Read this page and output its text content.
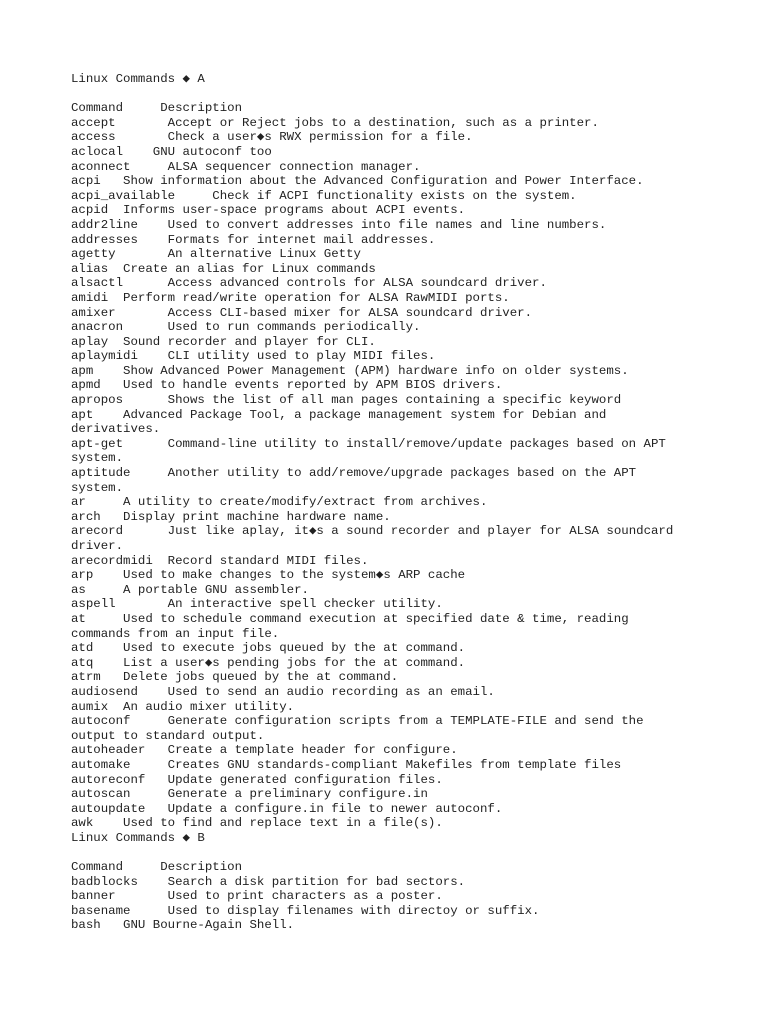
Linux Commands ◆ A
Command     Description
accept       Accept or Reject jobs to a destination, such as a printer.
access       Check a user◆s RWX permission for a file.
aclocal    GNU autoconf too
aconnect     ALSA sequencer connection manager.
acpi   Show information about the Advanced Configuration and Power Interface.
acpi_available     Check if ACPI functionality exists on the system.
acpid  Informs user-space programs about ACPI events.
addr2line    Used to convert addresses into file names and line numbers.
addresses    Formats for internet mail addresses.
agetty       An alternative Linux Getty
alias  Create an alias for Linux commands
alsactl      Access advanced controls for ALSA soundcard driver.
amidi  Perform read/write operation for ALSA RawMIDI ports.
amixer       Access CLI-based mixer for ALSA soundcard driver.
anacron      Used to run commands periodically.
aplay  Sound recorder and player for CLI.
aplaymidi    CLI utility used to play MIDI files.
apm    Show Advanced Power Management (APM) hardware info on older systems.
apmd   Used to handle events reported by APM BIOS drivers.
apropos      Shows the list of all man pages containing a specific keyword
apt    Advanced Package Tool, a package management system for Debian and
derivatives.
apt-get      Command-line utility to install/remove/update packages based on APT
system.
aptitude     Another utility to add/remove/upgrade packages based on the APT
system.
ar     A utility to create/modify/extract from archives.
arch   Display print machine hardware name.
arecord      Just like aplay, it◆s a sound recorder and player for ALSA soundcard
driver.
arecordmidi  Record standard MIDI files.
arp    Used to make changes to the system◆s ARP cache
as     A portable GNU assembler.
aspell       An interactive spell checker utility.
at     Used to schedule command execution at specified date & time, reading
commands from an input file.
atd    Used to execute jobs queued by the at command.
atq    List a user◆s pending jobs for the at command.
atrm   Delete jobs queued by the at command.
audiosend    Used to send an audio recording as an email.
aumix  An audio mixer utility.
autoconf     Generate configuration scripts from a TEMPLATE-FILE and send the
output to standard output.
autoheader   Create a template header for configure.
automake     Creates GNU standards-compliant Makefiles from template files
autoreconf   Update generated configuration files.
autoscan     Generate a preliminary configure.in
autoupdate   Update a configure.in file to newer autoconf.
awk    Used to find and replace text in a file(s).
Linux Commands ◆ B
Command     Description
badblocks    Search a disk partition for bad sectors.
banner       Used to print characters as a poster.
basename     Used to display filenames with directoy or suffix.
bash   GNU Bourne-Again Shell.
